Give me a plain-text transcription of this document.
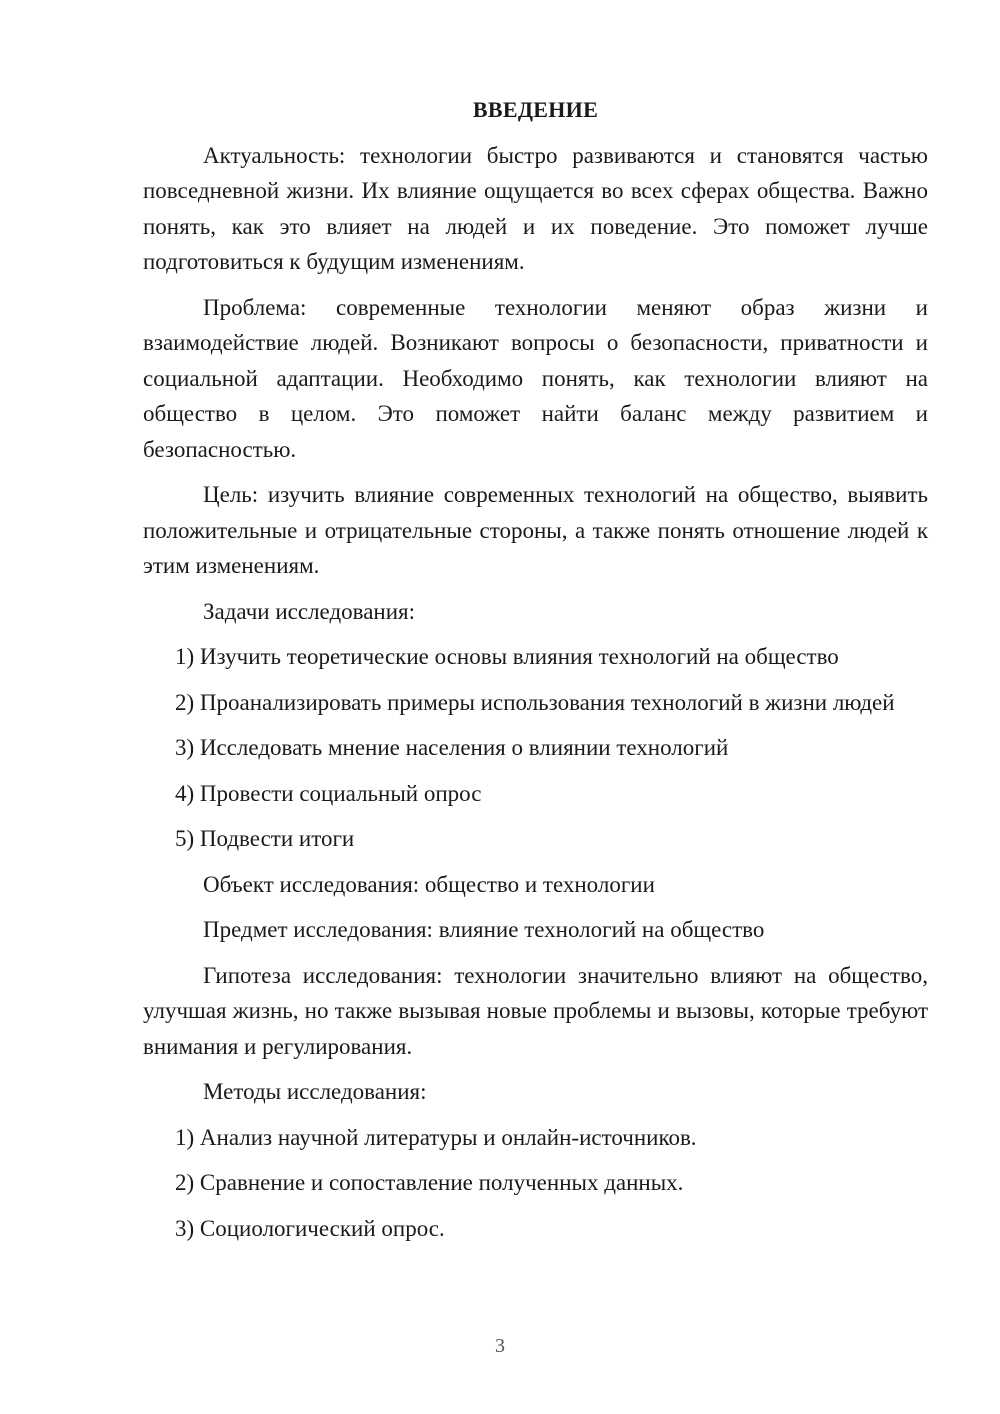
ВВЕДЕНИЕ
Актуальность: технологии быстро развиваются и становятся частью повседневной жизни. Их влияние ощущается во всех сферах общества. Важно понять, как это влияет на людей и их поведение. Это поможет лучше подготовиться к будущим изменениям.
Проблема: современные технологии меняют образ жизни и взаимодействие людей. Возникают вопросы о безопасности, приватности и социальной адаптации. Необходимо понять, как технологии влияют на общество в целом. Это поможет найти баланс между развитием и безопасностью.
Цель: изучить влияние современных технологий на общество, выявить положительные и отрицательные стороны, а также понять отношение людей к этим изменениям.
Задачи исследования:
1) Изучить теоретические основы влияния технологий на общество
2) Проанализировать примеры использования технологий в жизни людей
3) Исследовать мнение населения о влиянии технологий
4) Провести социальный опрос
5) Подвести итоги
Объект исследования: общество и технологии
Предмет исследования: влияние технологий на общество
Гипотеза исследования: технологии значительно влияют на общество, улучшая жизнь, но также вызывая новые проблемы и вызовы, которые требуют внимания и регулирования.
Методы исследования:
1) Анализ научной литературы и онлайн-источников.
2) Сравнение и сопоставление полученных данных.
3) Социологический опрос.
3
